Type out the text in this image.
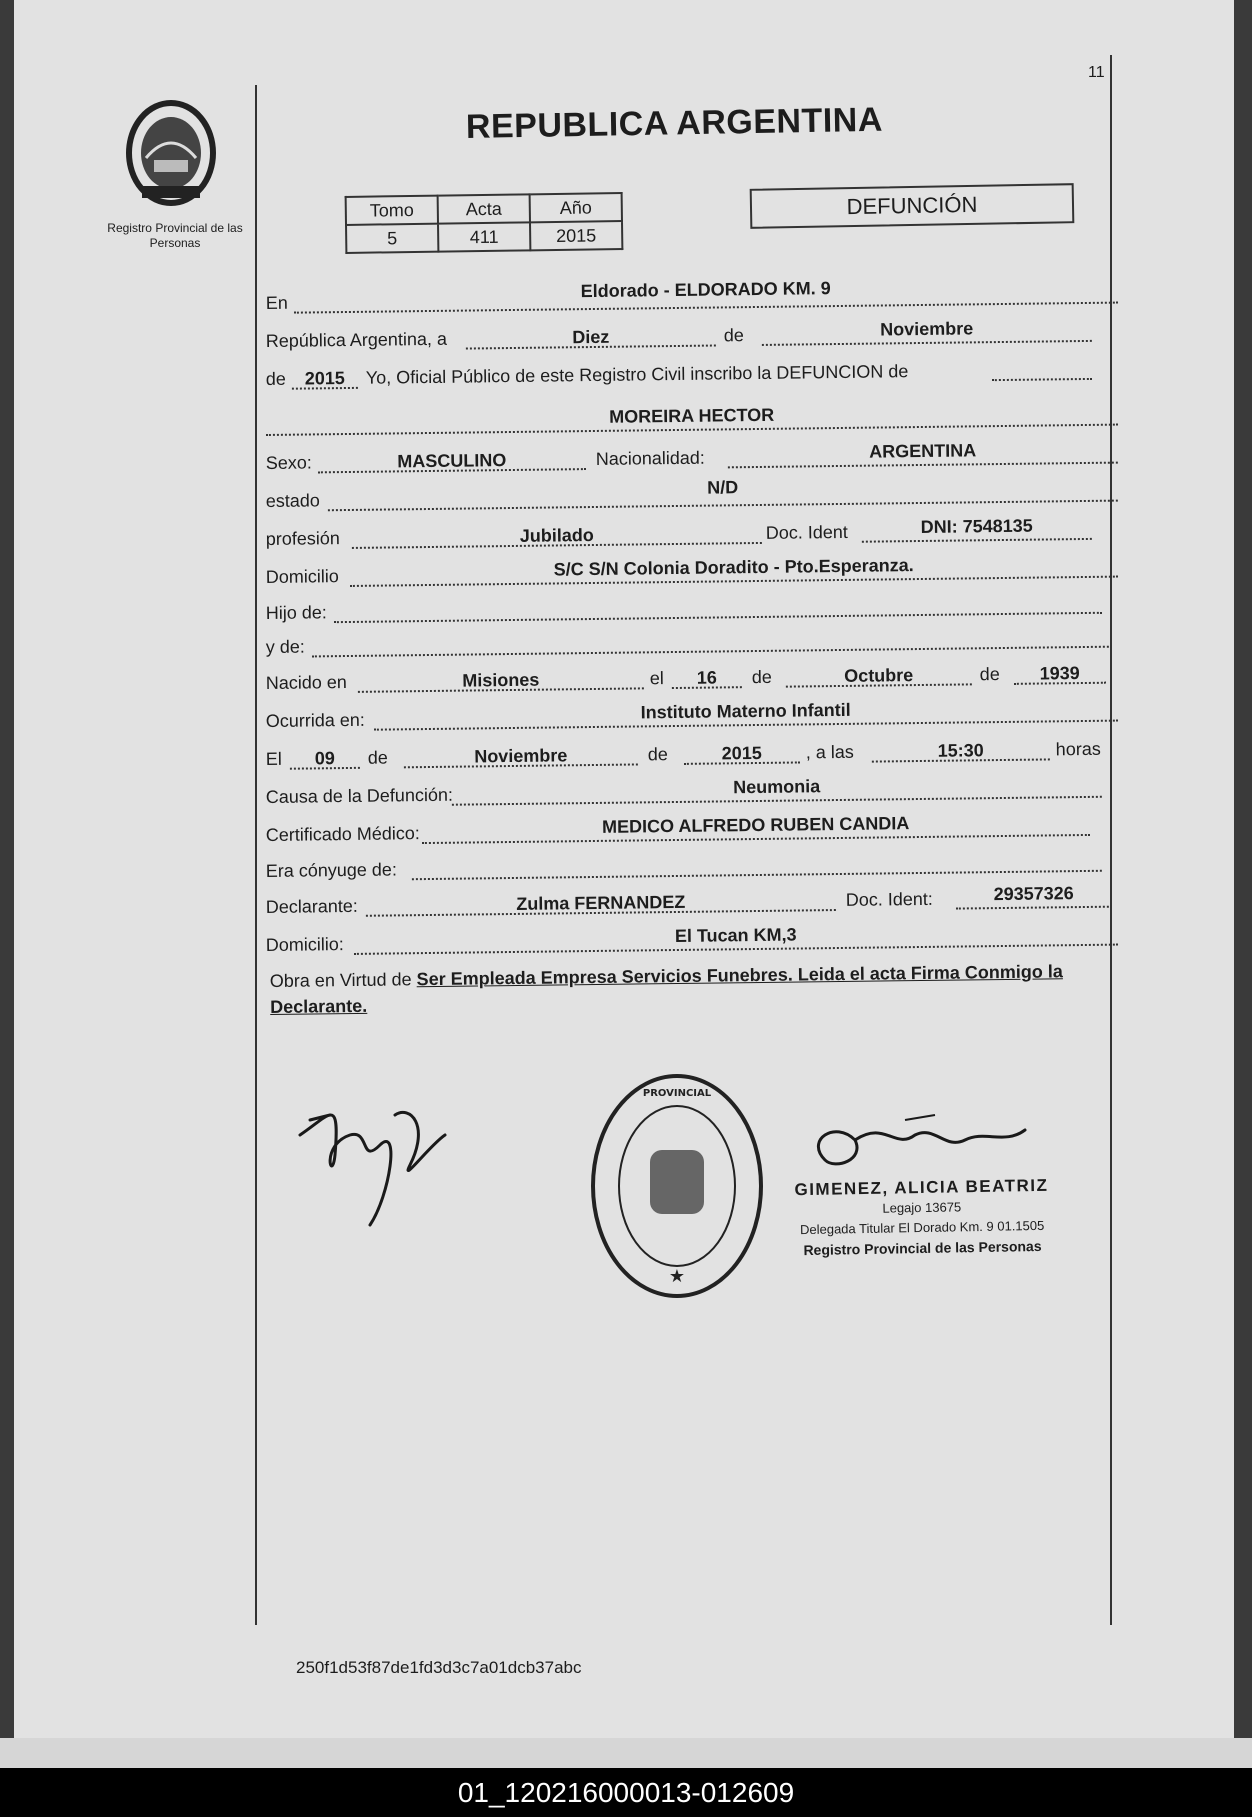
11
Registro Provincial de las Personas
REPUBLICA ARGENTINA
Tomo	Acta	Año
5	411	2015
DEFUNCIÓN
En
Eldorado - ELDORADO KM. 9
República Argentina, a	Diez	de	Noviembre
de	2015	Yo, Oficial Público de este Registro Civil inscribo la DEFUNCION de
MOREIRA HECTOR
Sexo:	MASCULINO	Nacionalidad:	ARGENTINA
estado
N/D
profesión	Jubilado	Doc. Ident	DNI: 7548135
Domicilio	S/C S/N Colonia Doradito - Pto.Esperanza.
Hijo de:
y de:
Nacido en	Misiones	el	16	de	Octubre	de	1939
Ocurrida en:	Instituto Materno Infantil
El	09	de	Noviembre	de	2015	, a las	15:30	horas
Causa de la Defunción:	Neumonia
Certificado Médico:	MEDICO ALFREDO RUBEN CANDIA
Era cónyuge de:
Declarante:	Zulma FERNANDEZ	Doc. Ident:	29357326
Domicilio:	El Tucan KM,3
Obra en Virtud de Ser Empleada Empresa Servicios Funebres. Leida el acta Firma Conmigo la Declarante.
★
PROVINCIAL
GIMENEZ, ALICIA BEATRIZ
Legajo 13675
Delegada Titular El Dorado Km. 9 01.1505
Registro Provincial de las Personas
250f1d53f87de1fd3d3c7a01dcb37abc
01_120216000013-012609
